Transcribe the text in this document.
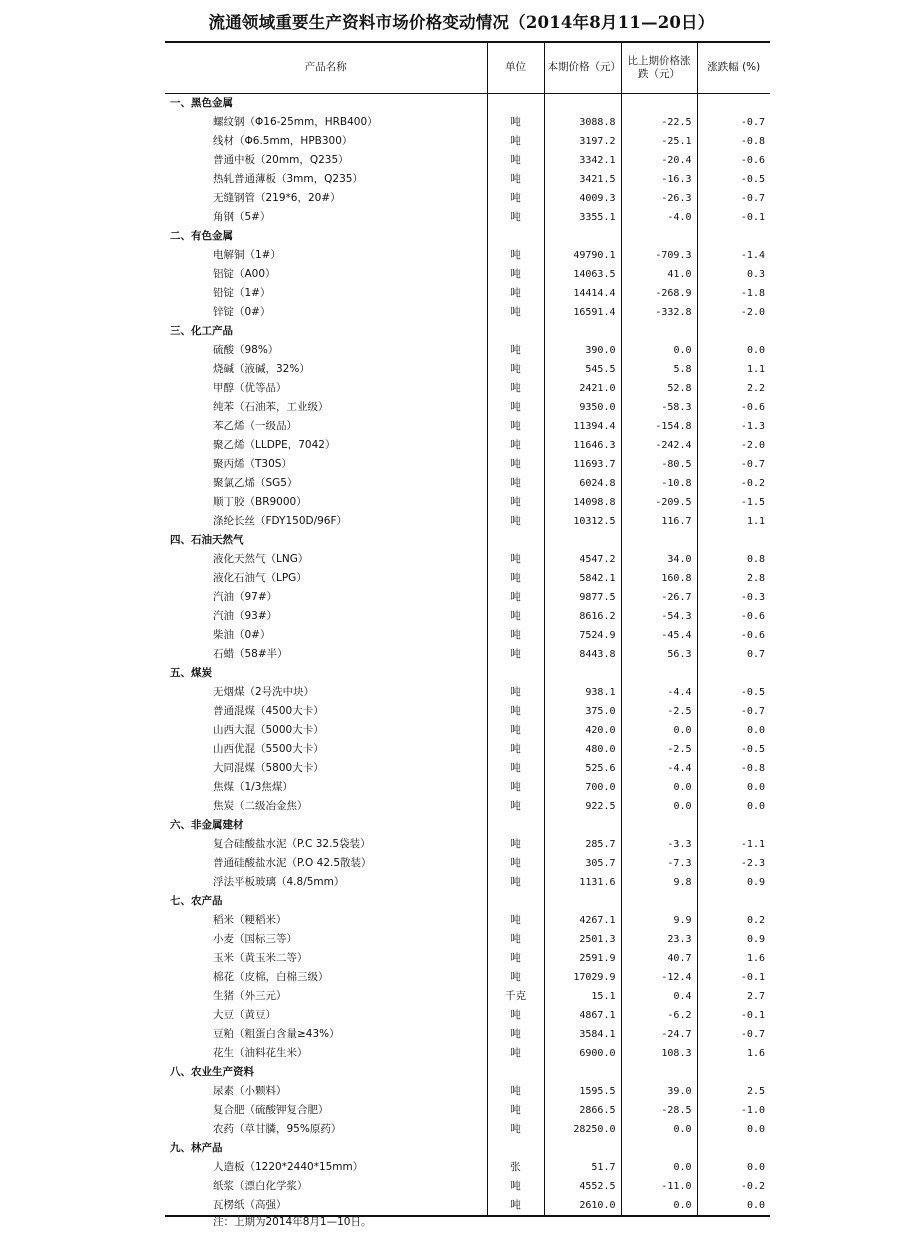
流通领域重要生产资料市场价格变动情况（2014年8月11—20日）
产品名称	单位	本期价格（元）	比上期价格涨跌（元）	涨跌幅 (%)
一、黑色金属				
螺纹钢（Φ16-25mm，HRB400）	吨	3088.8	-22.5	-0.7
线材（Φ6.5mm，HPB300）	吨	3197.2	-25.1	-0.8
普通中板（20mm，Q235）	吨	3342.1	-20.4	-0.6
热轧普通薄板（3mm，Q235）	吨	3421.5	-16.3	-0.5
无缝钢管（219*6，20#）	吨	4009.3	-26.3	-0.7
角钢（5#）	吨	3355.1	-4.0	-0.1
二、有色金属				
电解铜（1#）	吨	49790.1	-709.3	-1.4
铝锭（A00）	吨	14063.5	41.0	0.3
铅锭（1#）	吨	14414.4	-268.9	-1.8
锌锭（0#）	吨	16591.4	-332.8	-2.0
三、化工产品				
硫酸（98%）	吨	390.0	0.0	0.0
烧碱（液碱，32%）	吨	545.5	5.8	1.1
甲醇（优等品）	吨	2421.0	52.8	2.2
纯苯（石油苯，工业级）	吨	9350.0	-58.3	-0.6
苯乙烯（一级品）	吨	11394.4	-154.8	-1.3
聚乙烯（LLDPE，7042）	吨	11646.3	-242.4	-2.0
聚丙烯（T30S）	吨	11693.7	-80.5	-0.7
聚氯乙烯（SG5）	吨	6024.8	-10.8	-0.2
顺丁胶（BR9000）	吨	14098.8	-209.5	-1.5
涤纶长丝（FDY150D/96F）	吨	10312.5	116.7	1.1
四、石油天然气				
液化天然气（LNG）	吨	4547.2	34.0	0.8
液化石油气（LPG）	吨	5842.1	160.8	2.8
汽油（97#）	吨	9877.5	-26.7	-0.3
汽油（93#）	吨	8616.2	-54.3	-0.6
柴油（0#）	吨	7524.9	-45.4	-0.6
石蜡（58#半）	吨	8443.8	56.3	0.7
五、煤炭				
无烟煤（2号洗中块）	吨	938.1	-4.4	-0.5
普通混煤（4500大卡）	吨	375.0	-2.5	-0.7
山西大混（5000大卡）	吨	420.0	0.0	0.0
山西优混（5500大卡）	吨	480.0	-2.5	-0.5
大同混煤（5800大卡）	吨	525.6	-4.4	-0.8
焦煤（1/3焦煤）	吨	700.0	0.0	0.0
焦炭（二级冶金焦）	吨	922.5	0.0	0.0
六、非金属建材				
复合硅酸盐水泥（P.C 32.5袋装）	吨	285.7	-3.3	-1.1
普通硅酸盐水泥（P.O 42.5散装）	吨	305.7	-7.3	-2.3
浮法平板玻璃（4.8/5mm）	吨	1131.6	9.8	0.9
七、农产品				
稻米（粳稻米）	吨	4267.1	9.9	0.2
小麦（国标三等）	吨	2501.3	23.3	0.9
玉米（黄玉米二等）	吨	2591.9	40.7	1.6
棉花（皮棉，白棉三级）	吨	17029.9	-12.4	-0.1
生猪（外三元）	千克	15.1	0.4	2.7
大豆（黄豆）	吨	4867.1	-6.2	-0.1
豆粕（粗蛋白含量≥43%）	吨	3584.1	-24.7	-0.7
花生（油料花生米）	吨	6900.0	108.3	1.6
八、农业生产资料				
尿素（小颗料）	吨	1595.5	39.0	2.5
复合肥（硫酸钾复合肥）	吨	2866.5	-28.5	-1.0
农药（草甘膦，95%原药）	吨	28250.0	0.0	0.0
九、林产品				
人造板（1220*2440*15mm）	张	51.7	0.0	0.0
纸浆（漂白化学浆）	吨	4552.5	-11.0	-0.2
瓦楞纸（高强）	吨	2610.0	0.0	0.0
注：上期为2014年8月1—10日。
